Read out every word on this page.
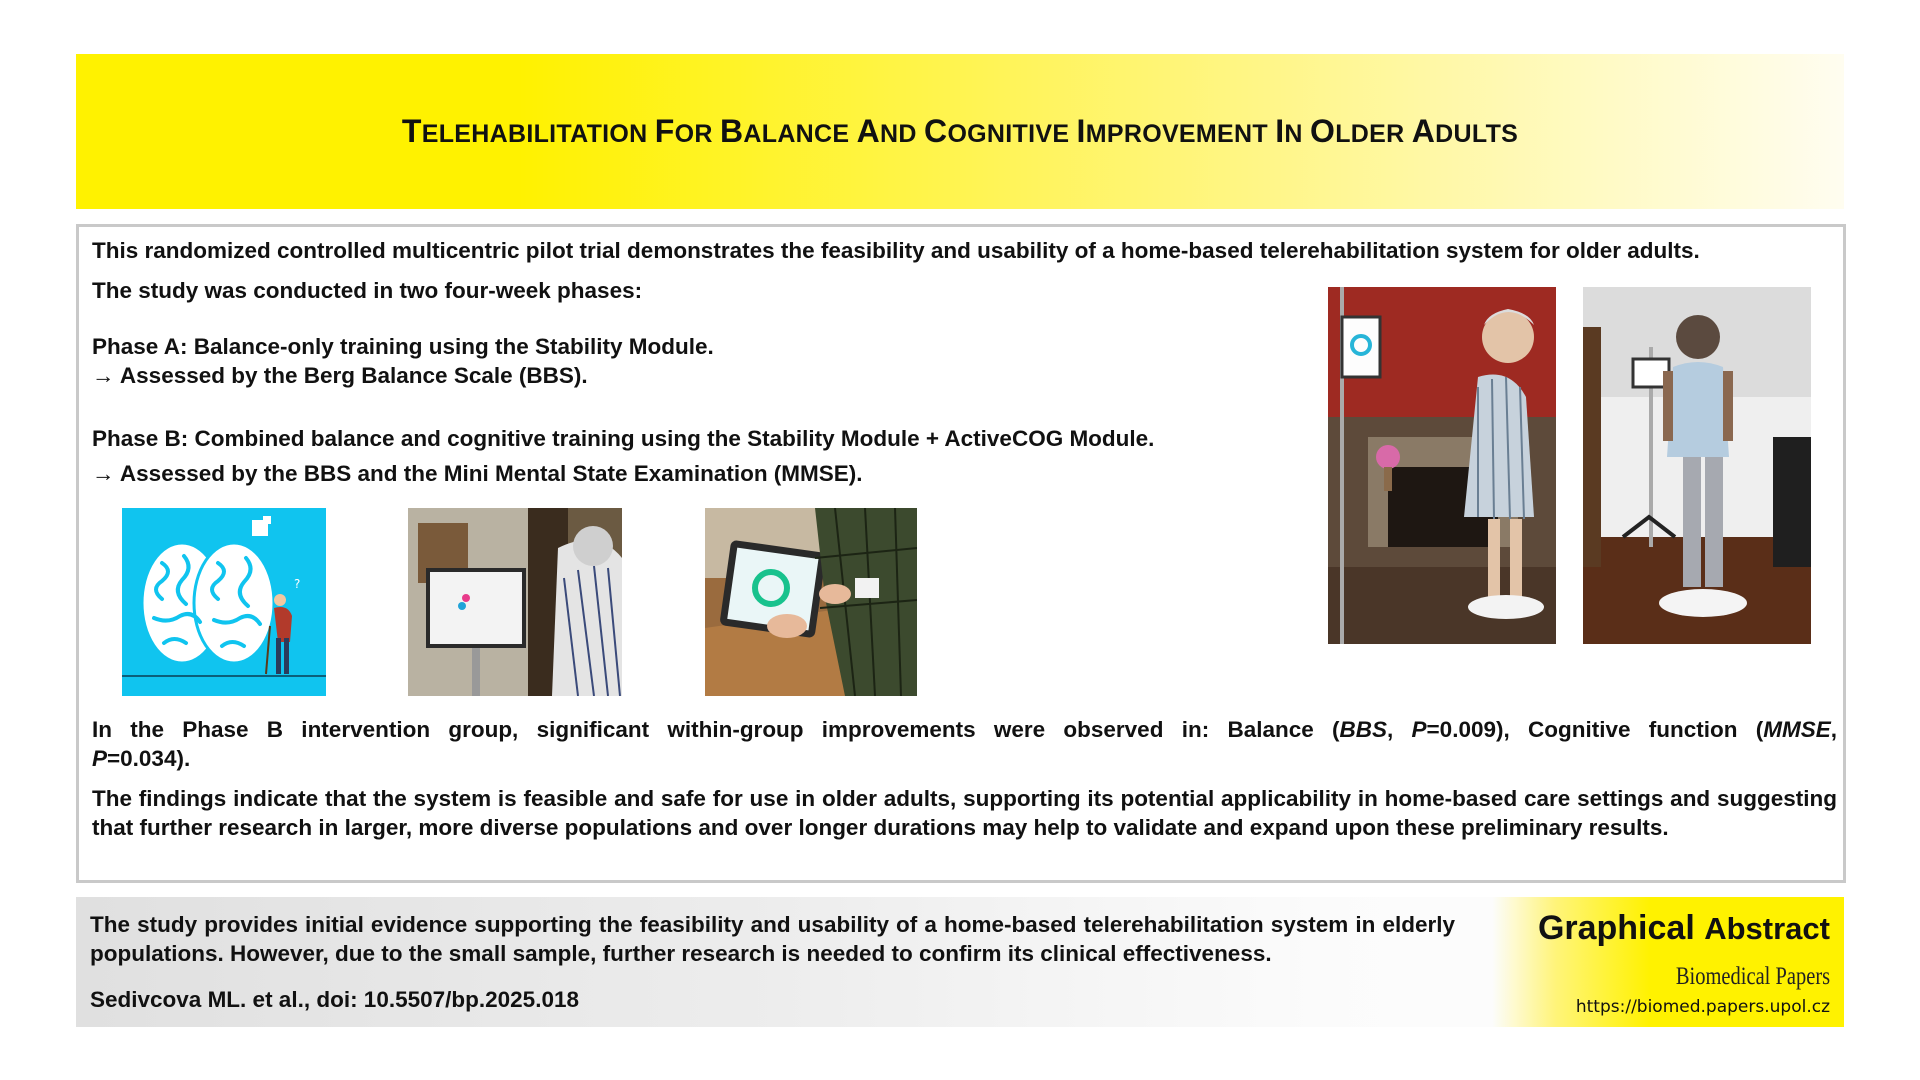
TELEHABILITATION FOR BALANCE AND COGNITIVE IMPROVEMENT IN OLDER ADULTS
This randomized controlled multicentric pilot trial demonstrates the feasibility and usability of a home-based telerehabilitation system for older adults.
The study was conducted in two four-week phases:
Phase A: Balance-only training using the Stability Module.
→ Assessed by the Berg Balance Scale (BBS).
Phase B: Combined balance and cognitive training using the Stability Module + ActiveCOG Module.
→ Assessed by the BBS and the Mini Mental State Examination (MMSE).
?
In the Phase B intervention group, significant within-group improvements were observed in: Balance (BBS, P=0.009), Cognitive function (MMSE,
P=0.034).
The findings indicate that the system is feasible and safe for use in older adults, supporting its potential applicability in home-based care settings and suggesting that further research in larger, more diverse populations and over longer durations may help to validate and expand upon these preliminary results.
The study provides initial evidence supporting the feasibility and usability of a home-based telerehabilitation system in elderly populations. However, due to the small sample, further research is needed to confirm its clinical effectiveness.
Sedivcova ML. et al., doi: 10.5507/bp.2025.018
Graphical Abstract
Biomedical Papers
https://biomed.papers.upol.cz
